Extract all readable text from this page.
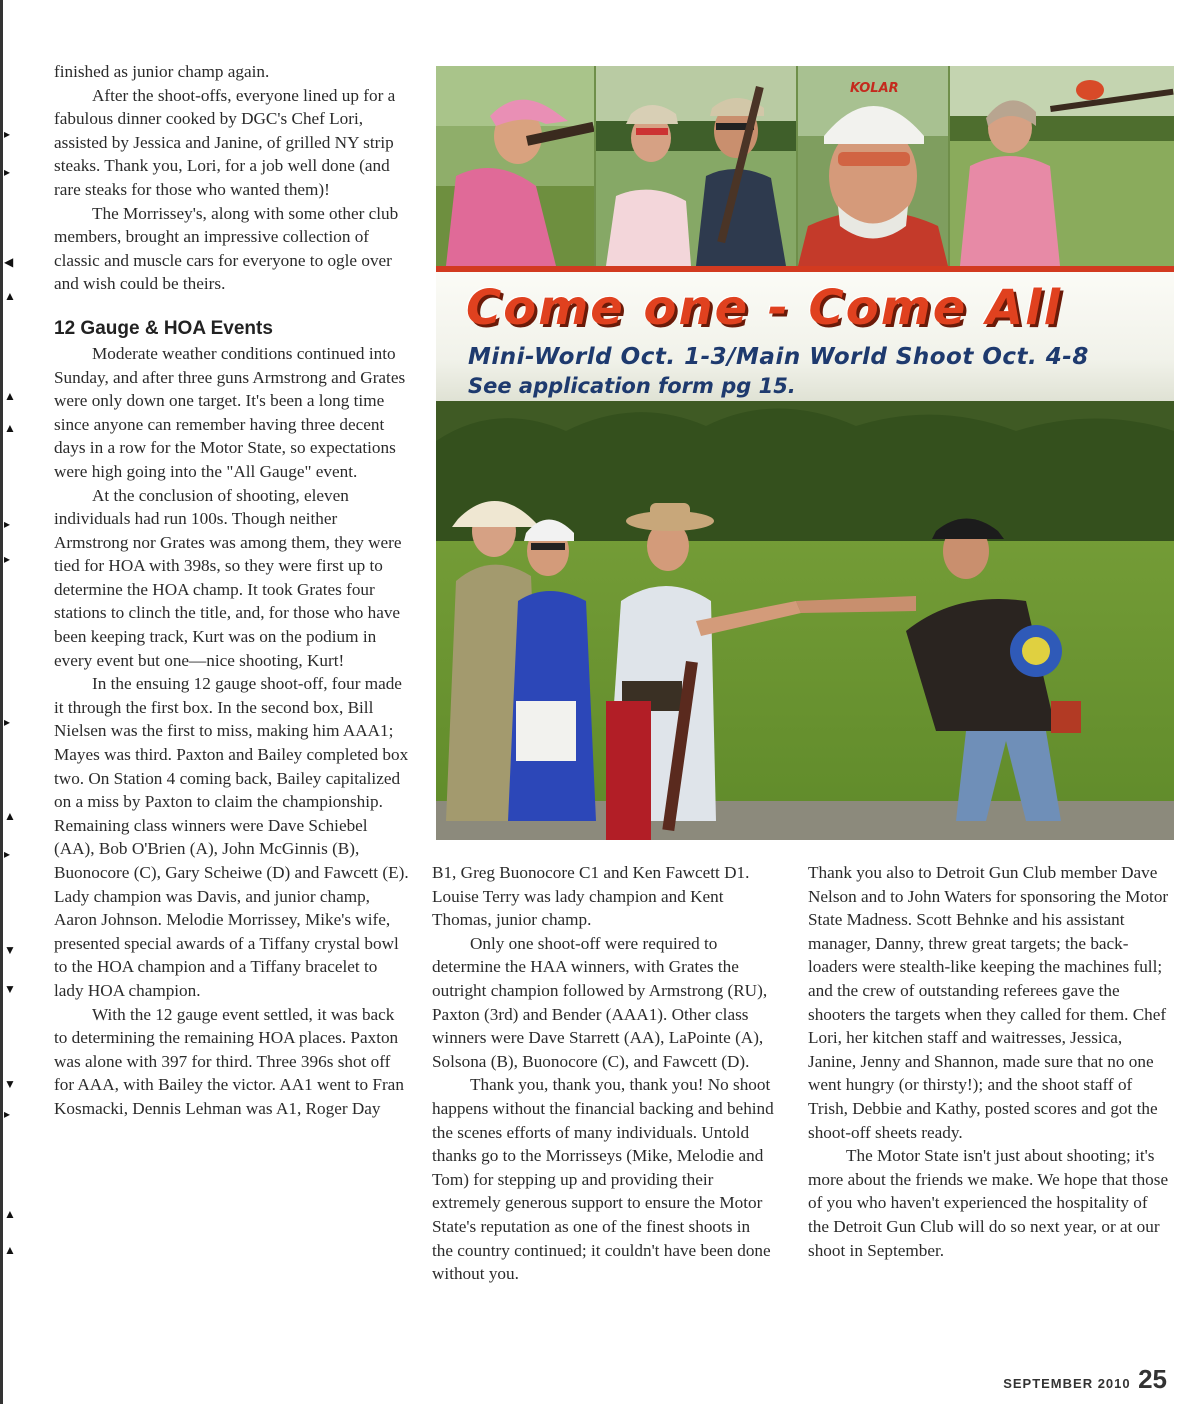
▸
▸
◀
▲
▲
▲
▸
▸
▸
▲
▸
▼
▼
▼
▸
▲
▲

finished as junior champ again.

After the shoot-offs, everyone lined up for a fabulous dinner cooked by DGC's Chef Lori, assisted by Jessica and Janine, of grilled NY strip steaks. Thank you, Lori, for a job well done (and rare steaks for those who wanted them)!

The Morrissey's, along with some other club members, brought an impressive collection of classic and muscle cars for everyone to ogle over and wish could be theirs.

12 Gauge & HOA Events

Moderate weather conditions continued into Sunday, and after three guns Armstrong and Grates were only down one target. It's been a long time since anyone can remember having three decent days in a row for the Motor State, so expectations were high going into the "All Gauge" event.

At the conclusion of shooting, eleven individuals had run 100s. Though neither Armstrong nor Grates was among them, they were tied for HOA with 398s, so they were first up to determine the HOA champ. It took Grates four stations to clinch the title, and, for those who have been keeping track, Kurt was on the podium in every event but one—nice shooting, Kurt!

In the ensuing 12 gauge shoot-off, four made it through the first box. In the second box, Bill Nielsen was the first to miss, making him AAA1; Mayes was third. Paxton and Bailey completed box two. On Station 4 coming back, Bailey capitalized on a miss by Paxton to claim the championship. Remaining class winners were Dave Schiebel (AA), Bob O'Brien (A), John McGinnis (B), Buonocore (C), Gary Scheiwe (D) and Fawcett (E). Lady champion was Davis, and junior champ, Aaron Johnson. Melodie Morrissey, Mike's wife, presented special awards of a Tiffany crystal bowl to the HOA champion and a Tiffany bracelet to lady HOA champion.

With the 12 gauge event settled, it was back to determining the remaining HOA places. Paxton was alone with 397 for third. Three 396s shot off for AAA, with Bailey the victor. AA1 went to Fran Kosmacki, Dennis Lehman was A1, Roger Day

KOLAR
Come one - Come All
Mini-World Oct. 1-3/Main World Shoot Oct. 4-8
See application form pg 15.

B1, Greg Buonocore C1 and Ken Fawcett D1. Louise Terry was lady champion and Kent Thomas, junior champ.

Only one shoot-off were required to determine the HAA winners, with Grates the outright champion followed by Armstrong (RU), Paxton (3rd) and Bender (AAA1). Other class winners were Dave Starrett (AA), LaPointe (A), Solsona (B), Buonocore (C), and Fawcett (D).

Thank you, thank you, thank you! No shoot happens without the financial backing and behind the scenes efforts of many individuals. Untold thanks go to the Morrisseys (Mike, Melodie and Tom) for stepping up and providing their extremely generous support to ensure the Motor State's reputation as one of the finest shoots in the country continued; it couldn't have been done without you.

Thank you also to Detroit Gun Club member Dave Nelson and to John Waters for sponsoring the Motor State Madness. Scott Behnke and his assistant manager, Danny, threw great targets; the back-loaders were stealth-like keeping the machines full; and the crew of outstanding referees gave the shooters the targets when they called for them. Chef Lori, her kitchen staff and waitresses, Jessica, Janine, Jenny and Shannon, made sure that no one went hungry (or thirsty!); and the shoot staff of Trish, Debbie and Kathy, posted scores and got the shoot-off sheets ready.

The Motor State isn't just about shooting; it's more about the friends we make. We hope that those of you who haven't experienced the hospitality of the Detroit Gun Club will do so next year, or at our shoot in September.

SEPTEMBER 2010 25
